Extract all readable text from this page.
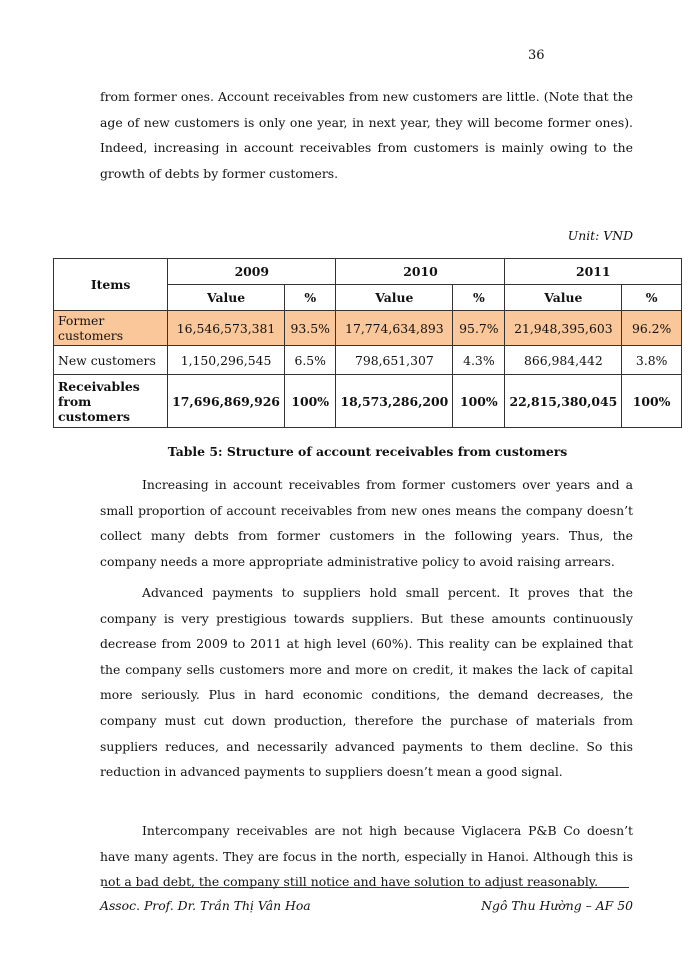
36

from former ones. Account receivables from new customers are little. (Note that the age of new customers is only one year, in next year, they will become former ones). Indeed, increasing in account receivables from customers is mainly owing to the growth of debts by former customers.

Unit: VND
Items	2009		2010		2011	
	Value	%	Value	%	Value	%
Former customers	16,546,573,381	93.5%	17,774,634,893	95.7%	21,948,395,603	96.2%
New customers	1,150,296,545	6.5%	798,651,307	4.3%	866,984,442	3.8%
Receivables
from customers	17,696,869,926	100%	18,573,286,200	100%	22,815,380,045	100%
Table 5: Structure of account receivables from customers

Increasing in account receivables from former customers over years and a small proportion of account receivables from new ones means the company doesn’t collect many debts from former customers in the following years. Thus, the company needs a more appropriate administrative policy to avoid raising arrears.

Advanced payments to suppliers hold small percent. It proves that the company is very prestigious towards suppliers. But these amounts continuously decrease from 2009 to 2011 at high level (60%). This reality can be explained that the company sells customers more and more on credit, it makes the lack of capital more seriously. Plus in hard economic conditions, the demand decreases, the company must cut down production, therefore the purchase of materials from suppliers reduces, and necessarily advanced payments to them decline. So this reduction in advanced payments to suppliers doesn’t mean a good signal.

Intercompany receivables are not high because Viglacera P&B Co doesn’t have many agents. They are focus in the north, especially in Hanoi. Although this is not a bad debt, the company still notice and have solution to adjust reasonably.

Assoc. Prof. Dr. Trần Thị Vân Hoa	Ngô Thu Hường – AF 50
